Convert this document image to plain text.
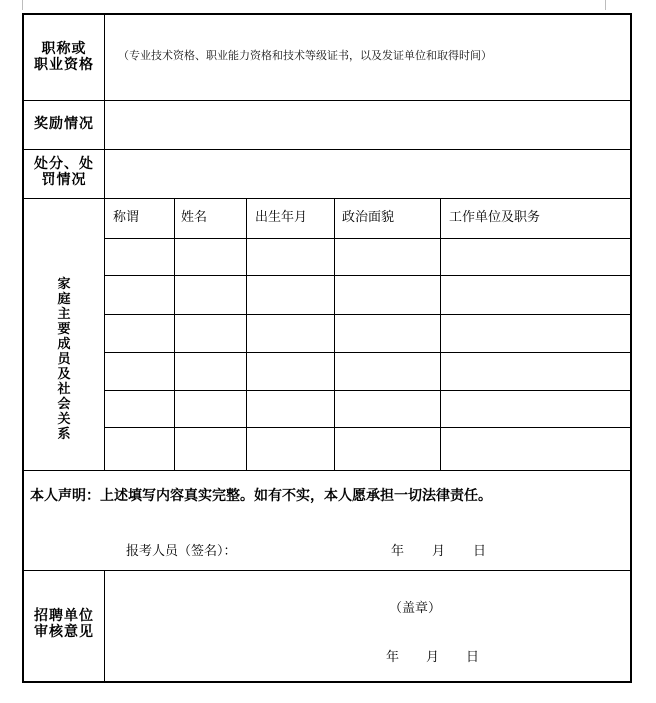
职称或
职业资格
（专业技术资格、职业能力资格和技术等级证书，以及发证单位和取得时间）
奖励情况
处分、处
罚情况
家庭主要成员及社会关系
称谓	姓名	出生年月	政治面貌	工作单位及职务
本人声明：上述填写内容真实完整。如有不实，本人愿承担一切法律责任。
报考人员（签名）：	年 月 日
招聘单位
审核意见
（盖章）
年 月 日
